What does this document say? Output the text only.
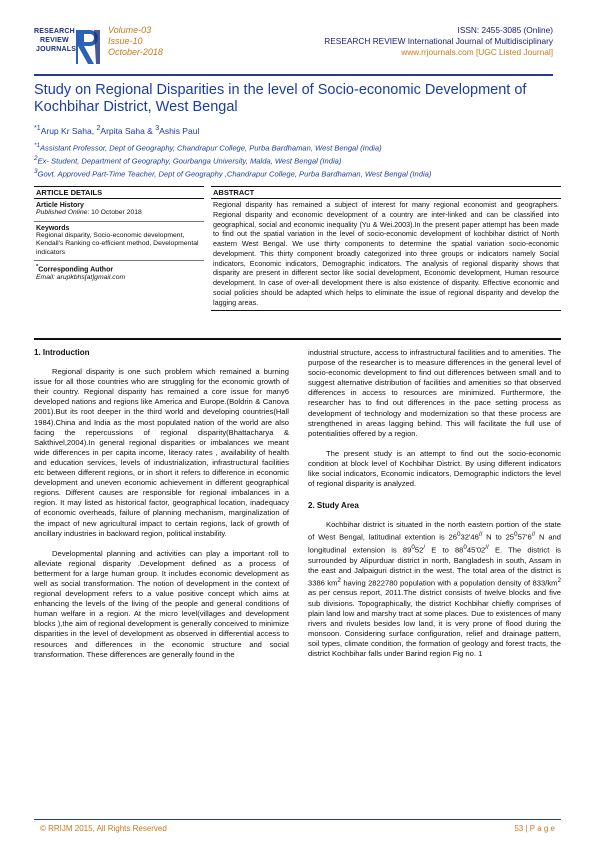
RESEARCH
REVIEW
JOURNALS
Volume-03
Issue-10
October-2018
ISSN: 2455-3085 (Online)
RESEARCH REVIEW International Journal of Multidisciplinary
www.rrjournals.com [UGC Listed Journal]
Study on Regional Disparities in the level of Socio-economic Development of Kochbihar District, West Bengal
$^{*1}$Arup Kr Saha, $^2$Arpita Saha & $^3$Ashis Paul
$^{*1}$Assistant Professor, Dept of Geography, Chandrapur College, Purba Bardhaman, West Bengal (India)
$^2$Ex- Student, Department of Geography, Gourbanga University, Malda, West Bengal (India)
$^3$Govt. Approved Part-Time Teacher, Dept of Geography ,Chandrapur College, Purba Bardhaman, West Bengal (India)
ARTICLE DETAILS
Article History
Published Online: 10 October 2018
Keywords
Regional disparity, Socio-economic development, Kendall's Ranking co-efficient method, Developmental indicators
*Corresponding Author
Email: arupkbhs[at]gmail.com
ABSTRACT
Regional disparity has remained a subject of interest for many regional economist and geographers. Regional disparity and economic development of a country are inter-linked and can be classified into geographical, social and economic inequality (Yu & Wei.2003).In the present paper attempt has been made to find out the spatial variation in the level of socio-economic development of kochbihar district of North eastern West Bengal. We use thirty components to determine the spatial variation socio-economic development. This thirty component broadly categorized into three groups or indicators namely Social indicators, Economic indicators, Demographic indicators. The analysis of regional disparity shows that disparity are present in different sector like social development, Economic development, Human resource development. In case of over-all development there is also existence of disparity. Effective economic and social policies should be adapted which helps to eliminate the issue of regional disparity and develop the lagging areas.
1. Introduction

Regional disparity is one such problem which remained a burning issue for all those countries who are struggling for the economic growth of their country. Regional disparity has remained a core issue for many6 developed nations and regions like America and Europe.(Boldrin & Canova 2001).But its root deeper in the third world and developing countries(Hall 1984).China and India as the most populated nation of the world are also facing the repercussions of regional disparity(Bhattacharya & Sakthivel,2004).In general regional disparities or imbalances we meant wide differences in per capita income, literacy rates , availability of health and education services, levels of industrialization, infrastructural facilities etc between different regions, or in short it refers to difference in economic development and uneven economic achievement in different geographical regions. Different causes are responsible for regional imbalances in a region. It may listed as historical factor, geographical location, inadequacy of economic overheads, failure of planning mechanism, marginalization of the impact of new agricultural impact to certain regions, lack of growth of ancillary industries in backward region, political instability.

Developmental planning and activities can play a important roll to alleviate regional disparity .Development defined as a process of betterment for a large human group. It includes economic development as well as social transformation. The notion of development in the context of regional development refers to a value positive concept which aims at enhancing the levels of the living of the people and general conditions of human welfare in a region. At the micro level(villages and development blocks ),the aim of regional development is generally conceived to minimize disparities in the level of development as observed in differential access to resources and differences in the economic structure and social transformation. These differences are generally found in the

industrial structure, access to infrastructural facilities and to amenities. The purpose of the researcher is to measure differences in the general level of socio-economic development to find out differences between small and to suggest alternative distribution of facilities and amenities so that observed differences in access to resources are minimized. Furthermore, the researcher has to find out differences in the pace setting process as development of technology and modernization so that these process are strengthened in areas lagging behind. This will facilitate the full use of potentialities offered by a region.

The present study is an attempt to find out the socio-economic condition at block level of Kochbihar District. By using different indicators like social indicators, Economic indicators, Demographic indictors the level of regional disparity is analyzed.

2. Study Area

Kochbihar district is situated in the north eastern portion of the state of West Bengal, latitudinal extention is $26^032'46^{//}$ N to $25^057'6^{//}$ N and longitudinal extension is $89^052^/$ E to $88^045'02^{//}$ E. The district is surrounded by Alipurduar district in north, Bangladesh in south, Assam in the east and Jalpaiguri district in the west. The total area of the district is 3386 $km^2$ having 2822780 population with a population density of $833/km^2$ as per census report, 2011.The district consists of twelve blocks and five sub divisions. Topographically, the district Kochbihar chiefly comprises of plain land low and marshy tract at some places. Due to existences of many rivers and rivulets besides low land, it is very prone of flood during the monsoon. Considering surface configuration, relief and drainage pattern, soil types, climate condition, the formation of geology and forest tracts, the district Kochbihar falls under Barind region Fig no. 1

© RRIJM 2015, All Rights Reserved	53 | P a g e
